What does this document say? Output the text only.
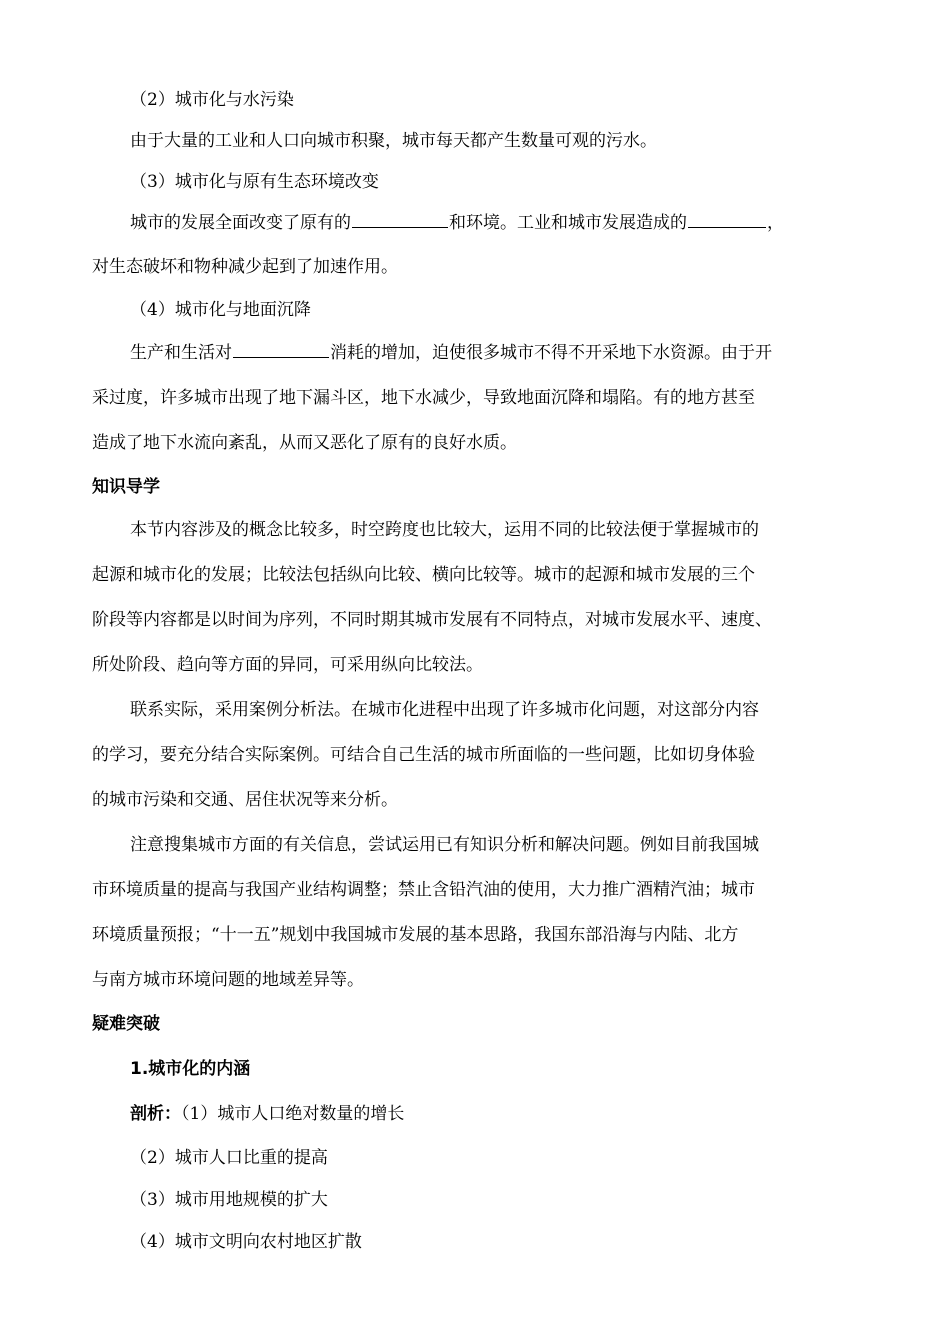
（2）城市化与水污染
由于大量的工业和人口向城市积聚，城市每天都产生数量可观的污水。
（3）城市化与原有生态环境改变
城市的发展全面改变了原有的	和环境。工业和城市发展造成的	，
对生态破坏和物种减少起到了加速作用。
（4）城市化与地面沉降
生产和生活对	消耗的增加，迫使很多城市不得不开采地下水资源。由于开
采过度，许多城市出现了地下漏斗区，地下水减少，导致地面沉降和塌陷。有的地方甚至
造成了地下水流向紊乱，从而又恶化了原有的良好水质。
知识导学
本节内容涉及的概念比较多，时空跨度也比较大，运用不同的比较法便于掌握城市的
起源和城市化的发展；比较法包括纵向比较、横向比较等。城市的起源和城市发展的三个
阶段等内容都是以时间为序列，不同时期其城市发展有不同特点，对城市发展水平、速度、
所处阶段、趋向等方面的异同，可采用纵向比较法。
联系实际，采用案例分析法。在城市化进程中出现了许多城市化问题，对这部分内容
的学习，要充分结合实际案例。可结合自己生活的城市所面临的一些问题，比如切身体验
的城市污染和交通、居住状况等来分析。
注意搜集城市方面的有关信息，尝试运用已有知识分析和解决问题。例如目前我国城
市环境质量的提高与我国产业结构调整；禁止含铅汽油的使用，大力推广酒精汽油；城市
环境质量预报；“十一五”规划中我国城市发展的基本思路，我国东部沿海与内陆、北方
与南方城市环境问题的地域差异等。
疑难突破
1.城市化的内涵
剖析：（1）城市人口绝对数量的增长
（2）城市人口比重的提高
（3）城市用地规模的扩大
（4）城市文明向农村地区扩散
